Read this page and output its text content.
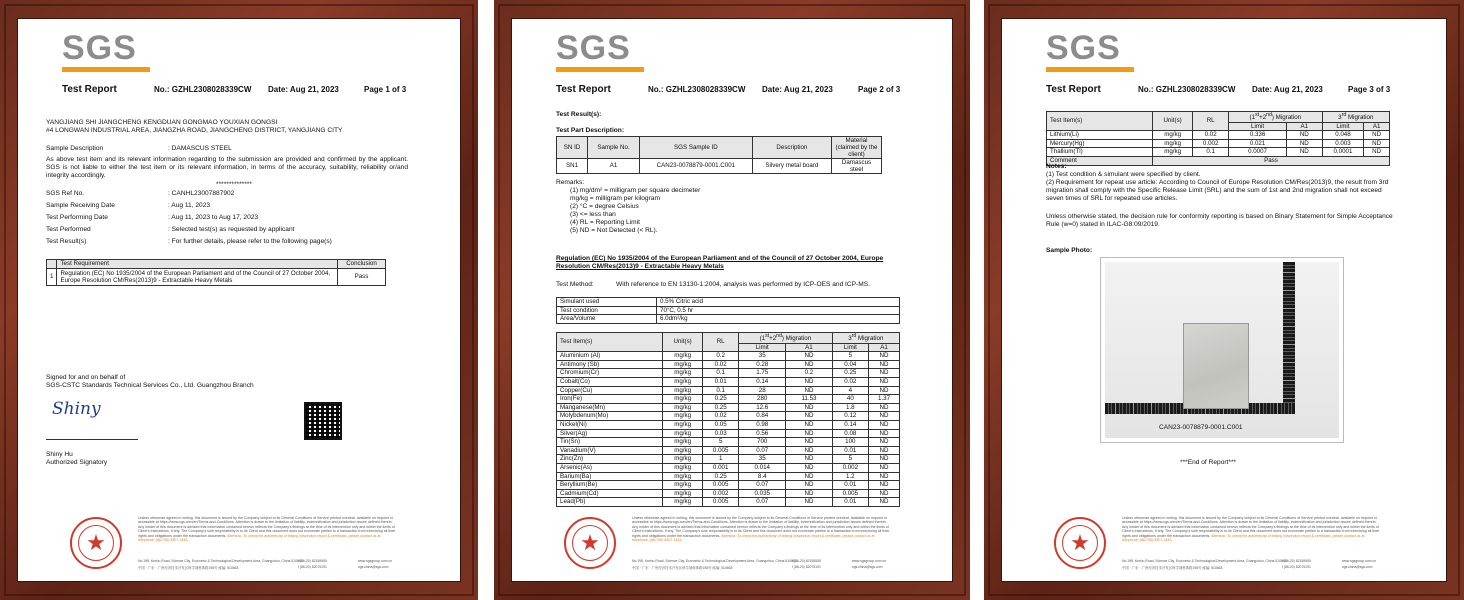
SGS
Test Report	No.: GZHL2308028339CW Date: Aug 21, 2023	Page 1 of 3
YANGJIANG SHI JIANGCHENG KENGDUAN GONGMAO YOUXIAN GONGSI
#4 LONGWAN INDUSTRIAL AREA, JIANGZHA ROAD, JIANGCHENG DISTRICT, YANGJIANG CITY
Sample Description	: DAMASCUS STEEL
As above test item and its relevant information regarding to the submission are provided and confirmed by the applicant. SGS is not liable to either the test item or its relevant information, in terms of the accuracy, suitability, reliability or/and integrity accordingly.
**************
SGS Ref No.	: CANHL23007887902
Sample Receiving Date	: Aug 11, 2023
Test Performing Date	: Aug 11, 2023 to Aug 17, 2023
Test Performed	: Selected test(s) as requested by applicant
Test Result(s)	: For further details, please refer to the following page(s)
	Test Requirement	Conclusion
1	Regulation (EC) No 1935/2004 of the European Parliament and of the Council of 27 October 2004, Europe Resolution CM/Res(2013)9 - Extractable Heavy Metals	Pass
Signed for and on behalf of
SGS-CSTC Standards Technical Services Co., Ltd. Guangzhou Branch
Shiny
Shiny Hu
Authorized Signatory
★
Unless otherwise agreed in writing, this document is issued by the Company subject to its General Conditions of Service printed overleaf, available on request or accessible at https://www.sgs.com/en/Terms-and-Conditions. Attention is drawn to the limitation of liability, indemnification and jurisdiction issues defined therein. Any holder of this document is advised that information contained hereon reflects the Company's findings at the time of its intervention only and within the limits of Client's instructions, if any. The Company's sole responsibility is to its Client and this document does not exonerate parties to a transaction from exercising all their rights and obligations under the transaction documents. Attention: To check the authenticity of testing /inspection report & certificate, please contact us at telephone: (86-755) 8307 1443,
No.198, Kezhu Road, Science City, Economic & Technological Development Area, Guangzhou, China 510663
t (86-20) 82155555	www.sgsgroup.com.cn
中国 · 广东 · 广州经济技术开发区科学城科珠路198号 邮编: 510663	f (86-20) 82075191	sgs.china@sgs.com
SGS
Test Report	No.: GZHL2308028339CW Date: Aug 21, 2023	Page 2 of 3
Test Result(s):
Test Part Description:
SN ID	Sample No.	SGS Sample ID	Description	Material (claimed by the client)
SN1	A1	CAN23-0078879-0001.C001	Silvery metal board	Damascus steel
Remarks:
(1) mg/dm² = milligram per square decimeter
mg/kg = milligram per kilogram
(2) °C = degree Celsius
(3) <= less than
(4) RL = Reporting Limit
(5) ND = Not Detected (< RL).
Regulation (EC) No 1935/2004 of the European Parliament and of the Council of 27 October 2004, Europe Resolution CM/Res(2013)9 - Extractable Heavy Metals
Test Method:	With reference to EN 13130-1:2004, analysis was performed by ICP-OES and ICP-MS.
Simulant used	0.5% Citric acid
Test condition	70°C, 0.5 hr
Area/Volume	6.0dm²/kg
Test Item(s)	Unit(s)	RL	(1st+2nd) Migration		3rd Migration	
			Limit	A1	Limit	A1
Aluminium (Al)	mg/kg	0.2	35	ND	5	ND
Antimony (Sb)	mg/kg	0.02	0.28	ND	0.04	ND
Chromium(Cr)	mg/kg	0.1	1.75	0.2	0.25	ND
Cobalt(Co)	mg/kg	0.01	0.14	ND	0.02	ND
Copper(Cu)	mg/kg	0.1	28	ND	4	ND
Iron(Fe)	mg/kg	0.25	280	11.53	40	1.37
Manganese(Mn)	mg/kg	0.25	12.6	ND	1.8	ND
Molybdenum(Mo)	mg/kg	0.02	0.84	ND	0.12	ND
Nickel(Ni)	mg/kg	0.05	0.98	ND	0.14	ND
Silver(Ag)	mg/kg	0.03	0.56	ND	0.08	ND
Tin(Sn)	mg/kg	5	700	ND	100	ND
Vanadium(V)	mg/kg	0.005	0.07	ND	0.01	ND
Zinc(Zn)	mg/kg	1	35	ND	5	ND
Arsenic(As)	mg/kg	0.001	0.014	ND	0.002	ND
Barium(Ba)	mg/kg	0.25	8.4	ND	1.2	ND
Beryllium(Be)	mg/kg	0.005	0.07	ND	0.01	ND
Cadmium(Cd)	mg/kg	0.002	0.035	ND	0.005	ND
Lead(Pb)	mg/kg	0.005	0.07	ND	0.01	ND
★
Unless otherwise agreed in writing, this document is issued by the Company subject to its General Conditions of Service printed overleaf, available on request or accessible at https://www.sgs.com/en/Terms-and-Conditions. Attention is drawn to the limitation of liability, indemnification and jurisdiction issues defined therein. Any holder of this document is advised that information contained hereon reflects the Company's findings at the time of its intervention only and within the limits of Client's instructions, if any. The Company's sole responsibility is to its Client and this document does not exonerate parties to a transaction from exercising all their rights and obligations under the transaction documents. Attention: To check the authenticity of testing /inspection report & certificate, please contact us at telephone: (86-755) 8307 1443,
No.198, Kezhu Road, Science City, Economic & Technological Development Area, Guangzhou, China 510663
t (86-20) 82155555	www.sgsgroup.com.cn
中国 · 广东 · 广州经济技术开发区科学城科珠路198号 邮编: 510663	f (86-20) 82075191	sgs.china@sgs.com
SGS
Test Report	No.: GZHL2308028339CW Date: Aug 21, 2023	Page 3 of 3
Test Item(s)	Unit(s)	RL	(1st+2nd) Migration		3rd Migration	
			Limit	A1	Limit	A1
Lithium(Li)	mg/kg	0.02	0.336	ND	0.048	ND
Mercury(Hg)	mg/kg	0.002	0.021	ND	0.003	ND
Thallium(Tl)	mg/kg	0.1	0.0007	ND	0.0001	ND
Comment	Pass					
Notes:
(1) Test condition & simulant were specified by client.
(2) Requirement for repeat use article: According to Council of Europe Resolution CM/Res(2013)9, the result from 3rd migration shall comply with the Specific Release Limit (SRL) and the sum of 1st and 2nd migration shall not exceed seven times of SRL for repeated use articles.
Unless otherwise stated, the decision rule for conformity reporting is based on Binary Statement for Simple Acceptance Rule (w=0) stated in ILAC-G8:09/2019.
Sample Photo:
CAN23-0078879-0001.C001
***End of Report***
★
Unless otherwise agreed in writing, this document is issued by the Company subject to its General Conditions of Service printed overleaf, available on request or accessible at https://www.sgs.com/en/Terms-and-Conditions. Attention is drawn to the limitation of liability, indemnification and jurisdiction issues defined therein. Any holder of this document is advised that information contained hereon reflects the Company's findings at the time of its intervention only and within the limits of Client's instructions, if any. The Company's sole responsibility is to its Client and this document does not exonerate parties to a transaction from exercising all their rights and obligations under the transaction documents. Attention: To check the authenticity of testing /inspection report & certificate, please contact us at telephone: (86-755) 8307 1443,
No.198, Kezhu Road, Science City, Economic & Technological Development Area, Guangzhou, China 510663
t (86-20) 82155555	www.sgsgroup.com.cn
中国 · 广东 · 广州经济技术开发区科学城科珠路198号 邮编: 510663	f (86-20) 82075191	sgs.china@sgs.com
